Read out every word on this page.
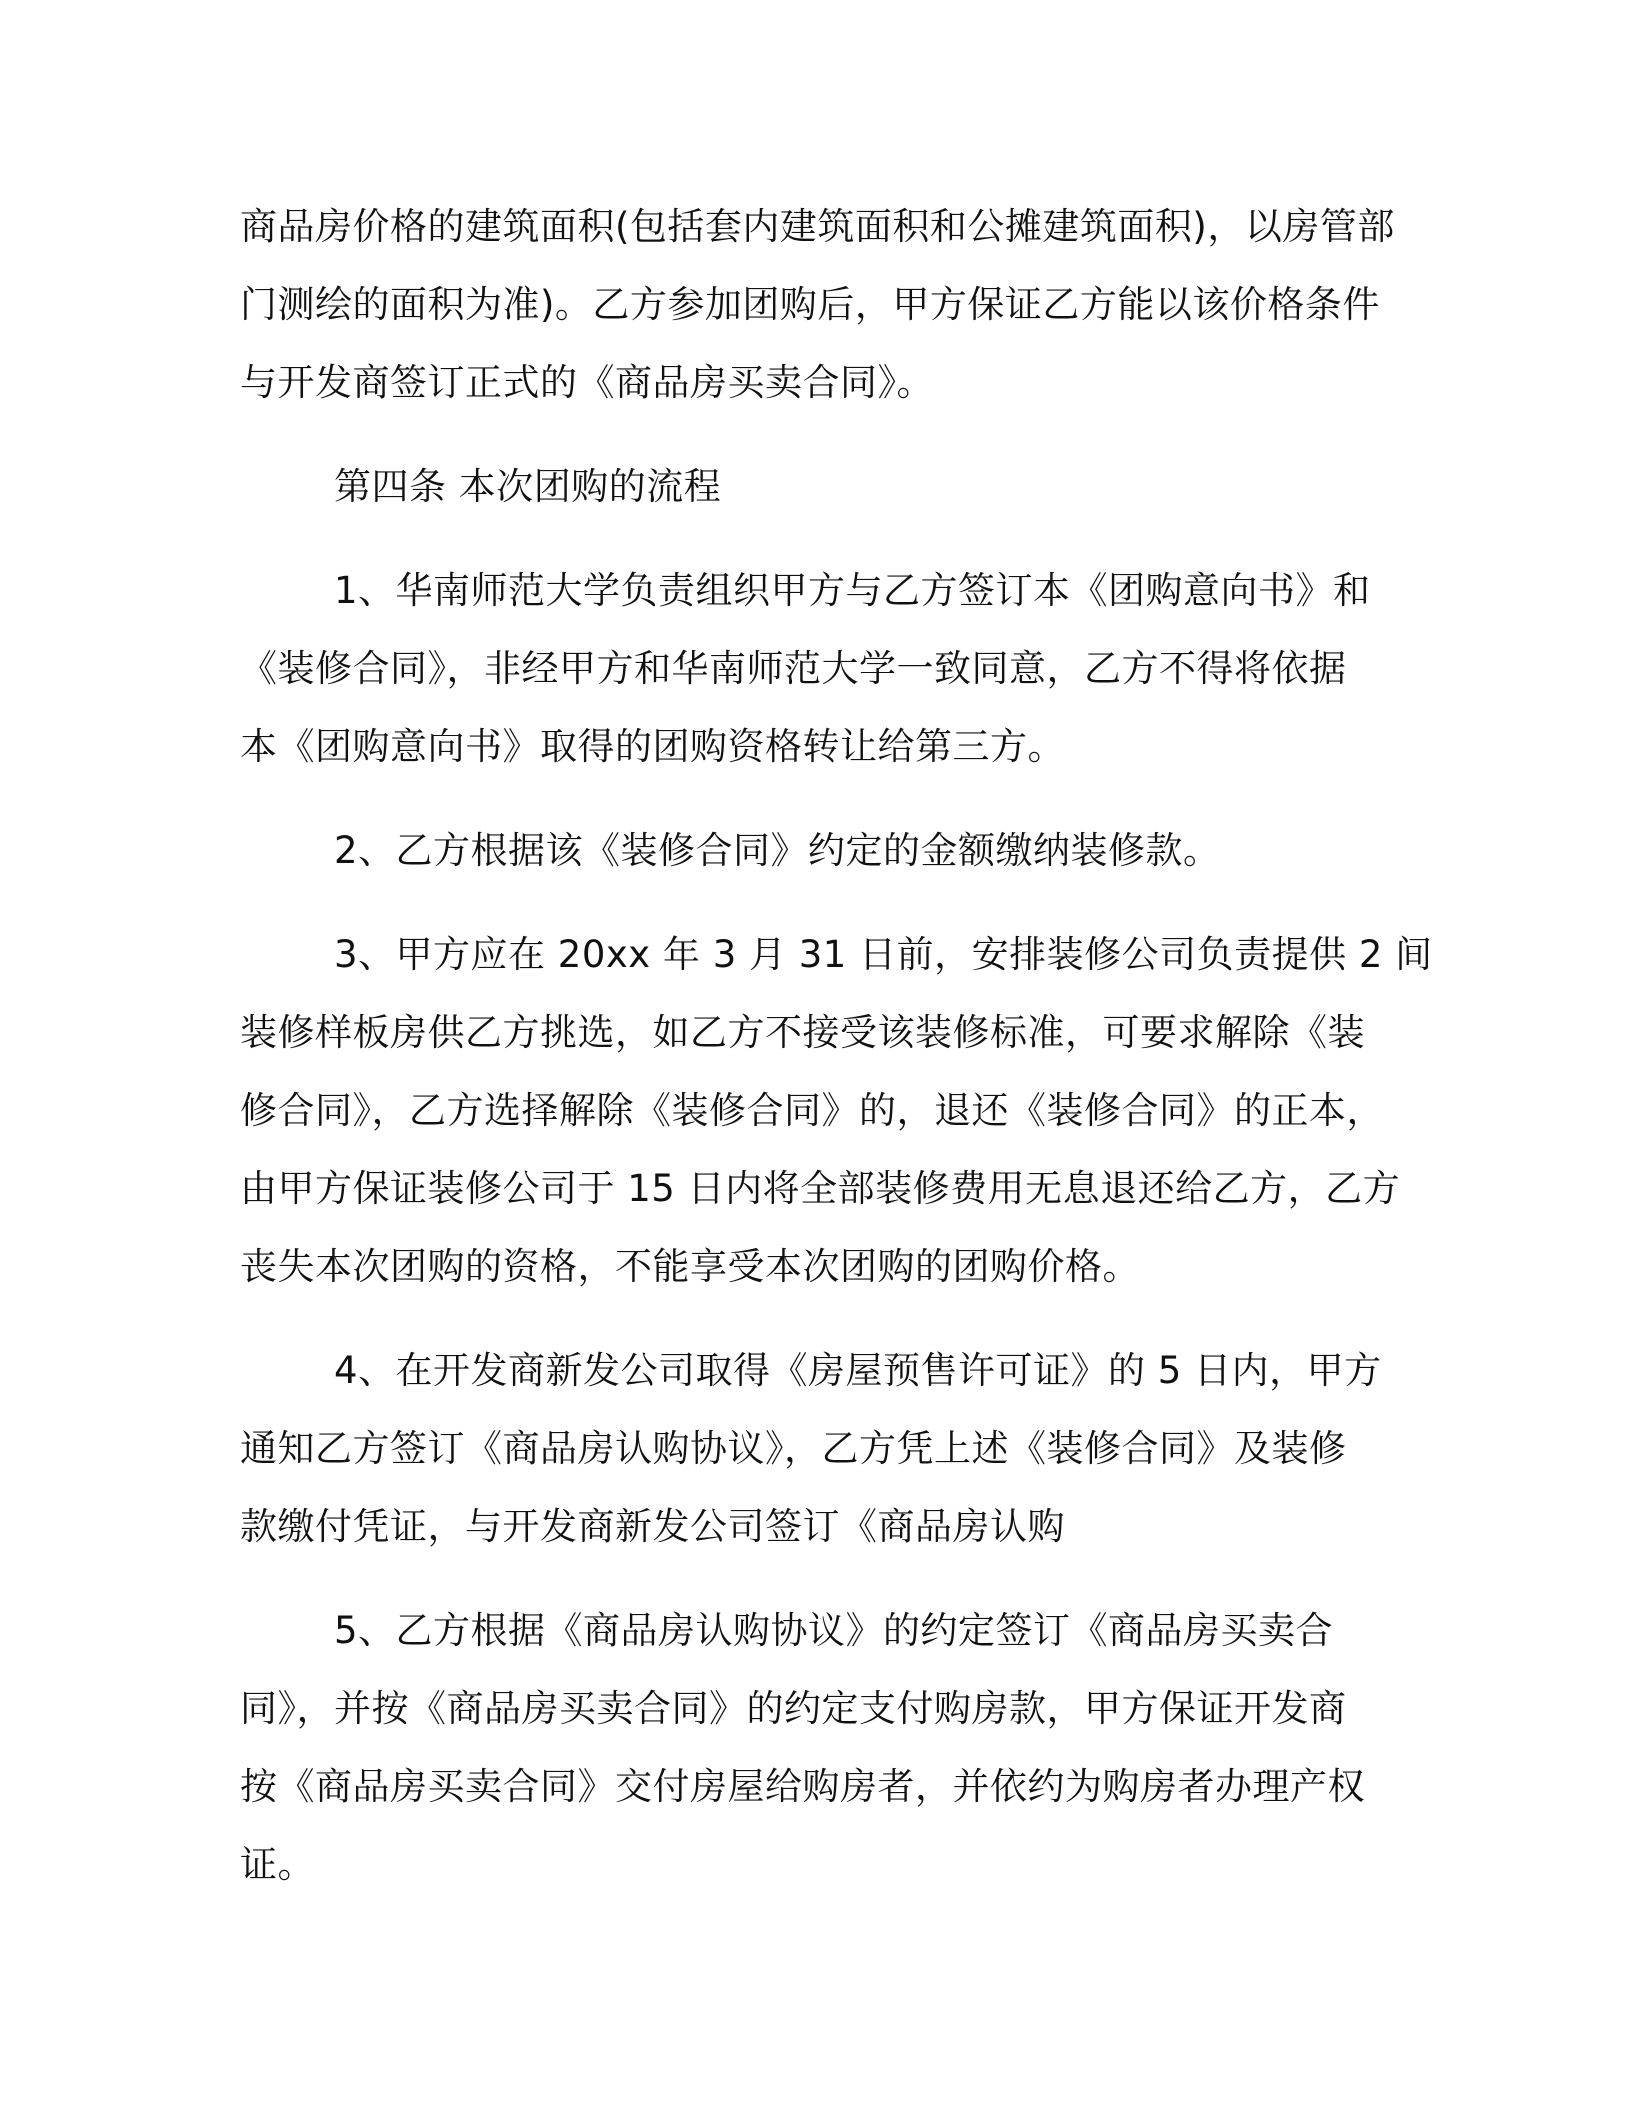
商品房价格的建筑面积(包括套内建筑面积和公摊建筑面积)，以房管部
门测绘的面积为准)。乙方参加团购后，甲方保证乙方能以该价格条件
与开发商签订正式的《商品房买卖合同》。
第四条 本次团购的流程
1、华南师范大学负责组织甲方与乙方签订本《团购意向书》和
《装修合同》，非经甲方和华南师范大学一致同意，乙方不得将依据
本《团购意向书》取得的团购资格转让给第三方。
2、乙方根据该《装修合同》约定的金额缴纳装修款。
3、甲方应在 20xx 年 3 月 31 日前，安排装修公司负责提供 2 间
装修样板房供乙方挑选，如乙方不接受该装修标准，可要求解除《装
修合同》，乙方选择解除《装修合同》的，退还《装修合同》的正本，
由甲方保证装修公司于 15 日内将全部装修费用无息退还给乙方，乙方
丧失本次团购的资格，不能享受本次团购的团购价格。
4、在开发商新发公司取得《房屋预售许可证》的 5 日内，甲方
通知乙方签订《商品房认购协议》，乙方凭上述《装修合同》及装修
款缴付凭证，与开发商新发公司签订《商品房认购
5、乙方根据《商品房认购协议》的约定签订《商品房买卖合
同》，并按《商品房买卖合同》的约定支付购房款，甲方保证开发商
按《商品房买卖合同》交付房屋给购房者，并依约为购房者办理产权
证。
